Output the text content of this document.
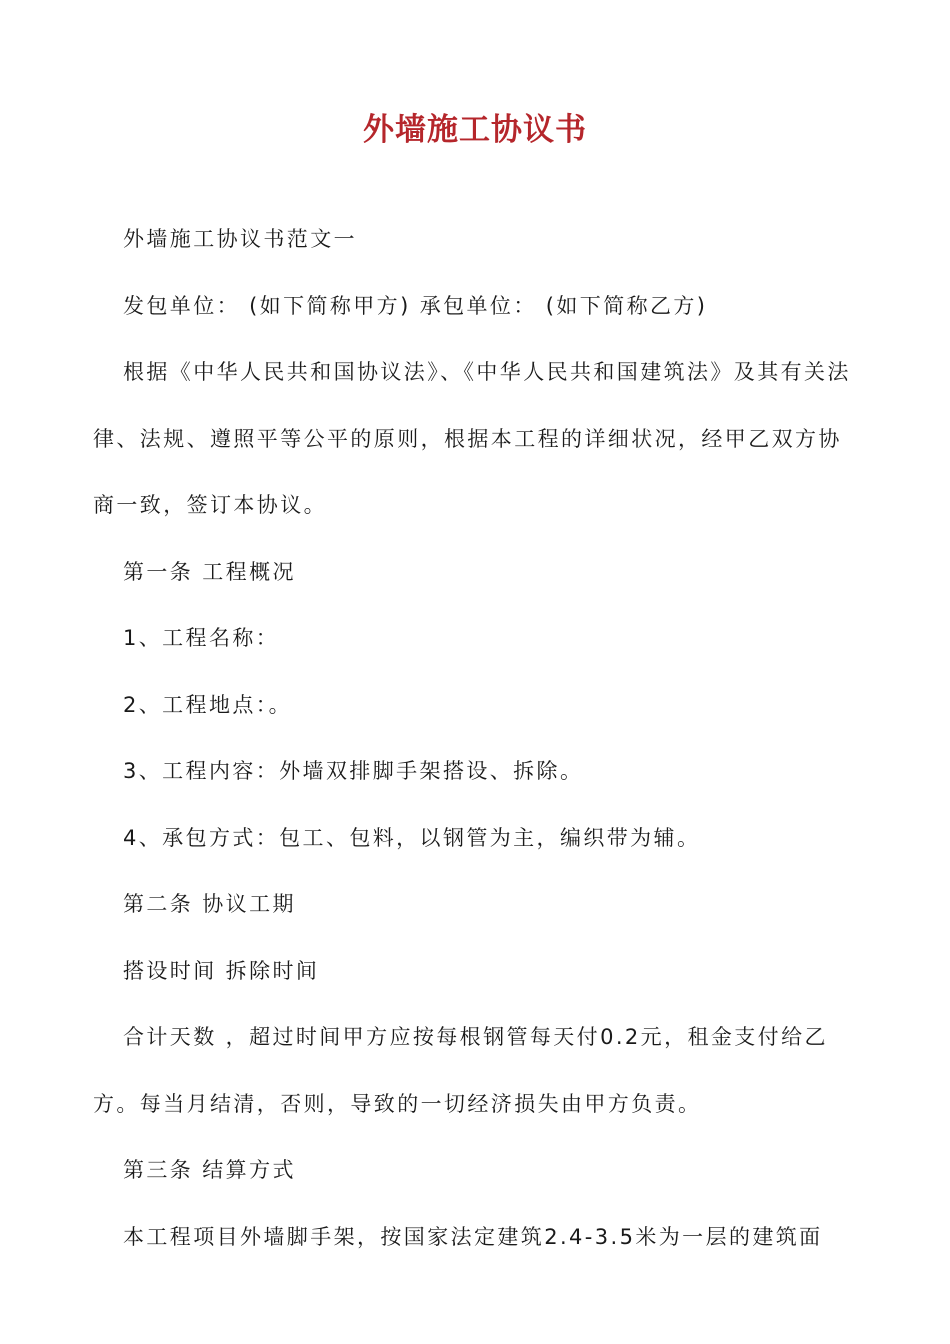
外墙施工协议书

外墙施工协议书范文一

发包单位： (如下简称甲方) 承包单位： (如下简称乙方)

根据《中华人民共和国协议法》、《中华人民共和国建筑法》及其有关法律、法规、遵照平等公平的原则，根据本工程的详细状况，经甲乙双方协商一致，签订本协议。

第一条 工程概况

1、工程名称：

2、工程地点：。

3、工程内容：外墙双排脚手架搭设、拆除。

4、承包方式：包工、包料，以钢管为主，编织带为辅。

第二条 协议工期

搭设时间 拆除时间

合计天数 ，超过时间甲方应按每根钢管每天付0.2元，租金支付给乙方。每当月结清，否则，导致的一切经济损失由甲方负责。

第三条 结算方式

本工程项目外墙脚手架，按国家法定建筑2.4-3.5米为一层的建筑面
